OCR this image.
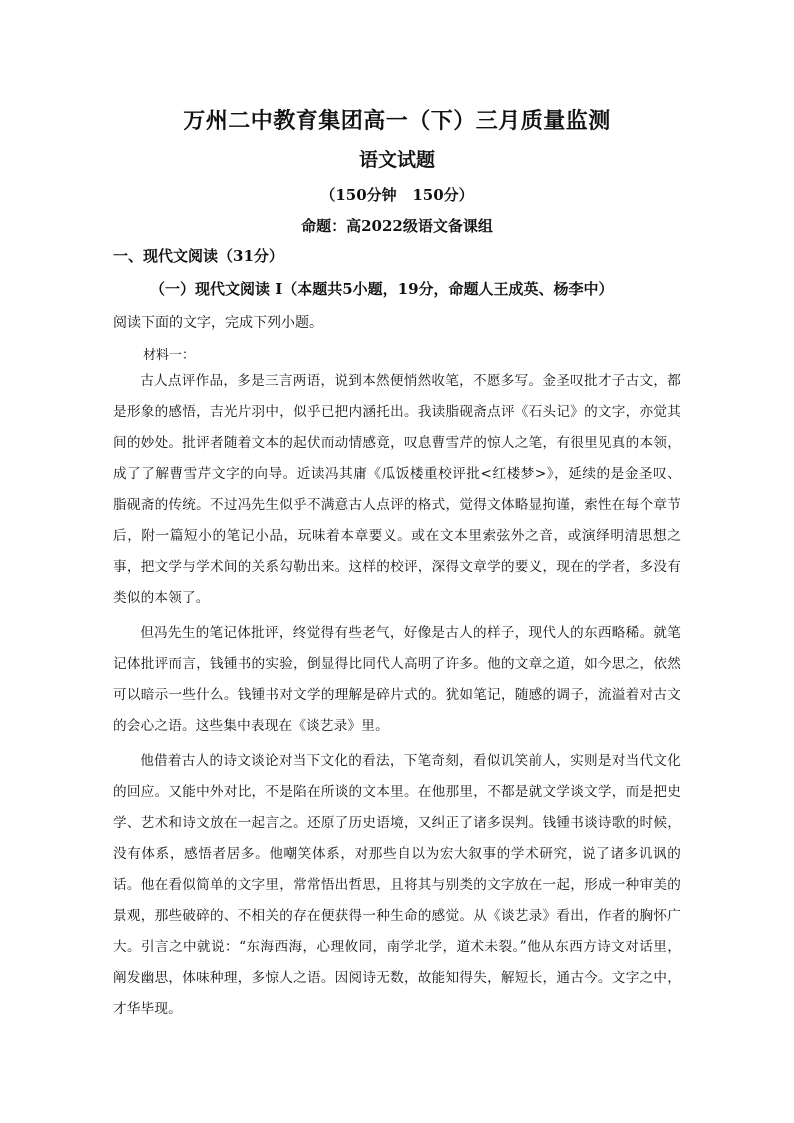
万州二中教育集团高一（下）三月质量监测
语文试题
（150分钟   150分）
命题：高2022级语文备课组
一、现代文阅读（31分）
（一）现代文阅读 I（本题共5小题，19分，命题人王成英、杨李中）
阅读下面的文字，完成下列小题。
材料一：

古人点评作品，多是三言两语，说到本然便悄然收笔，不愿多写。金圣叹批才子古文，都是形象的感悟，吉光片羽中，似乎已把内涵托出。我读脂砚斋点评《石头记》的文字，亦觉其间的妙处。批评者随着文本的起伏而动情感竟，叹息曹雪芹的惊人之笔，有很里见真的本领，成了了解曹雪芹文字的向导。近读冯其庸《瓜饭楼重校评批<红楼梦>》，延续的是金圣叹、脂砚斋的传统。不过冯先生似乎不满意古人点评的格式，觉得文体略显拘谨，索性在每个章节后，附一篇短小的笔记小品，玩味着本章要义。或在文本里索弦外之音，或演绎明清思想之事，把文学与学术间的关系勾勒出来。这样的校评，深得文章学的要义，现在的学者，多没有类似的本领了。

但冯先生的笔记体批评，终觉得有些老气，好像是古人的样子，现代人的东西略稀。就笔记体批评而言，钱锺书的实验，倒显得比同代人高明了许多。他的文章之道，如今思之，依然可以暗示一些什么。钱锺书对文学的理解是碎片式的。犹如笔记，随感的调子，流溢着对古文的会心之语。这些集中表现在《谈艺录》里。

他借着古人的诗文谈论对当下文化的看法，下笔奇刻，看似讥笑前人，实则是对当代文化的回应。又能中外对比，不是陷在所谈的文本里。在他那里，不都是就文学谈文学，而是把史学、艺术和诗文放在一起言之。还原了历史语境，又纠正了诸多误判。钱锺书谈诗歌的时候，没有体系，感悟者居多。他嘲笑体系，对那些自以为宏大叙事的学术研究，说了诸多讥讽的话。他在看似简单的文字里，常常悟出哲思，且将其与别类的文字放在一起，形成一种审美的景观，那些破碎的、不相关的存在便获得一种生命的感觉。从《谈艺录》看出，作者的胸怀广大。引言之中就说：“东海西海，心理攸同，南学北学，道术未裂。”他从东西方诗文对话里，阐发幽思，体味种理，多惊人之语。因阅诗无数，故能知得失，解短长，通古今。文字之中，才华毕现。
